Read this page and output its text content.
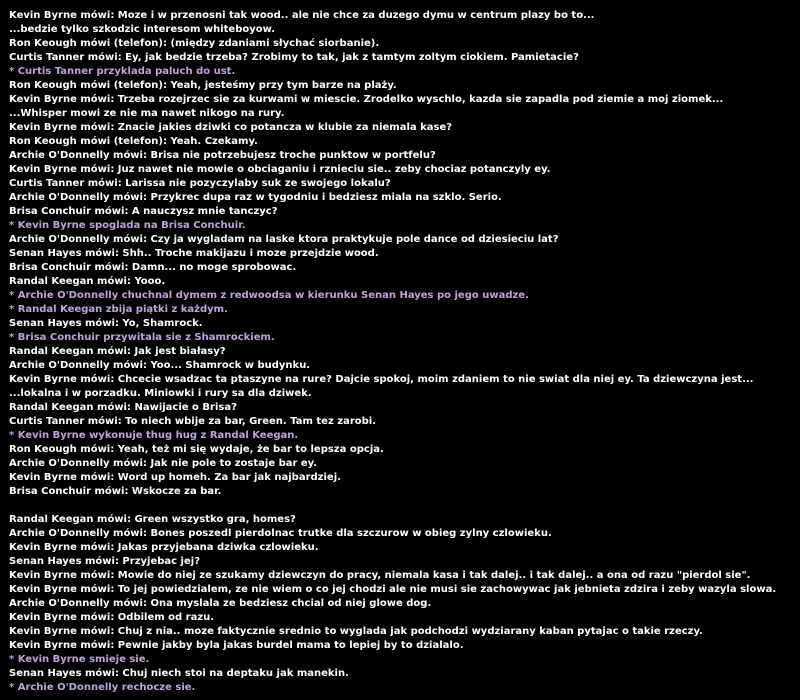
Kevin Byrne mówi: Moze i w przenosni tak wood.. ale nie chce za duzego dymu w centrum plazy bo to...
...bedzie tylko szkodzic interesom whiteboyow.
Ron Keough mówi (telefon): (między zdaniami słychać siorbanie).
Curtis Tanner mówi: Ey, jak bedzie trzeba? Zrobimy to tak, jak z tamtym zoltym ciokiem. Pamietacie?
* Curtis Tanner przyklada paluch do ust.
Ron Keough mówi (telefon): Yeah, jesteśmy przy tym barze na plaży.
Kevin Byrne mówi: Trzeba rozejrzec sie za kurwami w miescie. Zrodelko wyschlo, kazda sie zapadla pod ziemie a moj ziomek...
...Whisper mowi ze nie ma nawet nikogo na rury.
Kevin Byrne mówi: Znacie jakies dziwki co potancza w klubie za niemala kase?
Ron Keough mówi (telefon): Yeah. Czekamy.
Archie O'Donnelly mówi: Brisa nie potrzebujesz troche punktow w portfelu?
Kevin Byrne mówi: Juz nawet nie mowie o obciaganiu i rznieciu sie.. zeby chociaz potanczyly ey.
Curtis Tanner mówi: Larissa nie pozyczylaby suk ze swojego lokalu?
Archie O'Donnelly mówi: Przykrec dupa raz w tygodniu i bedziesz miala na szklo. Serio.
Brisa Conchuir mówi: A nauczysz mnie tanczyc?
* Kevin Byrne spoglada na Brisa Conchuir.
Archie O'Donnelly mówi: Czy ja wygladam na laske ktora praktykuje pole dance od dziesieciu lat?
Senan Hayes mówi: Shh.. Troche makijazu i moze przejdzie wood.
Brisa Conchuir mówi: Damn... no moge sprobowac.
Randal Keegan mówi: Yooo.
* Archie O'Donnelly chuchnal dymem z redwoodsa w kierunku Senan Hayes po jego uwadze.
* Randal Keegan zbija piątki z każdym.
Senan Hayes mówi: Yo, Shamrock.
* Brisa Conchuir przywitala sie z Shamrockiem.
Randal Keegan mówi: Jak jest białasy?
Archie O'Donnelly mówi: Yoo... Shamrock w budynku.
Kevin Byrne mówi: Chcecie wsadzac ta ptaszyne na rure? Dajcie spokoj, moim zdaniem to nie swiat dla niej ey. Ta dziewczyna jest...
...lokalna i w porzadku. Miniowki i rury sa dla dziwek.
Randal Keegan mówi: Nawijacie o Brisa?
Curtis Tanner mówi: To niech wbije za bar, Green. Tam tez zarobi.
* Kevin Byrne wykonuje thug hug z Randal Keegan.
Ron Keough mówi: Yeah, też mi się wydaje, że bar to lepsza opcja.
Archie O'Donnelly mówi: Jak nie pole to zostaje bar ey.
Kevin Byrne mówi: Word up homeh. Za bar jak najbardziej.
Brisa Conchuir mówi: Wskocze za bar.
Randal Keegan mówi: Green wszystko gra, homes?
Archie O'Donnelly mówi: Bones poszedl pierdolnac trutke dla szczurow w obieg zylny czlowieku.
Kevin Byrne mówi: Jakas przyjebana dziwka czlowieku.
Senan Hayes mówi: Przyjebac jej?
Kevin Byrne mówi: Mowie do niej ze szukamy dziewczyn do pracy, niemala kasa i tak dalej.. i tak dalej.. a ona od razu "pierdol sie".
Kevin Byrne mówi: To jej powiedzialem, ze nie wiem o co jej chodzi ale nie musi sie zachowywac jak jebnieta zdzira i zeby wazyla slowa.
Archie O'Donnelly mówi: Ona myslala ze bedziesz chcial od niej glowe dog.
Kevin Byrne mówi: Odbilem od razu.
Kevin Byrne mówi: Chuj z nia.. moze faktycznie srednio to wyglada jak podchodzi wydziarany kaban pytajac o takie rzeczy.
Kevin Byrne mówi: Pewnie jakby byla jakas burdel mama to lepiej by to dzialalo.
* Kevin Byrne smieje sie.
Senan Hayes mówi: Chuj niech stoi na deptaku jak manekin.
* Archie O'Donnelly rechocze sie.
